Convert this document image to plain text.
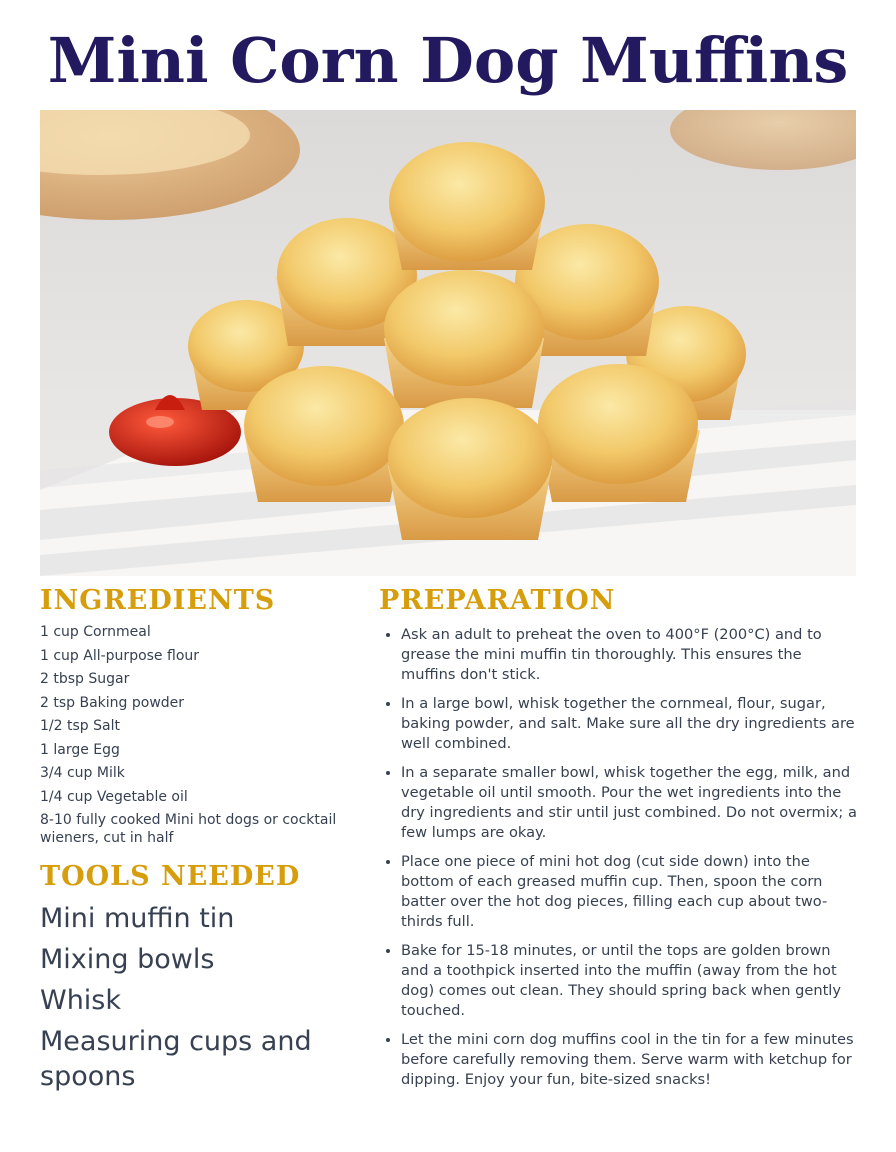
Mini Corn Dog Muffins
INGREDIENTS
1 cup Cornmeal
1 cup All-purpose flour
2 tbsp Sugar
2 tsp Baking powder
1/2 tsp Salt
1 large Egg
3/4 cup Milk
1/4 cup Vegetable oil
8-10 fully cooked Mini hot dogs or cocktail wieners, cut in half
TOOLS NEEDED
Mini muffin tin
Mixing bowls
Whisk
Measuring cups and spoons
PREPARATION
• Ask an adult to preheat the oven to 400°F (200°C) and to grease the mini muffin tin thoroughly. This ensures the muffins don't stick.
• In a large bowl, whisk together the cornmeal, flour, sugar, baking powder, and salt. Make sure all the dry ingredients are well combined.
• In a separate smaller bowl, whisk together the egg, milk, and vegetable oil until smooth. Pour the wet ingredients into the dry ingredients and stir until just combined. Do not overmix; a few lumps are okay.
• Place one piece of mini hot dog (cut side down) into the bottom of each greased muffin cup. Then, spoon the corn batter over the hot dog pieces, filling each cup about two-thirds full.
• Bake for 15-18 minutes, or until the tops are golden brown and a toothpick inserted into the muffin (away from the hot dog) comes out clean. They should spring back when gently touched.
• Let the mini corn dog muffins cool in the tin for a few minutes before carefully removing them. Serve warm with ketchup for dipping. Enjoy your fun, bite-sized snacks!
